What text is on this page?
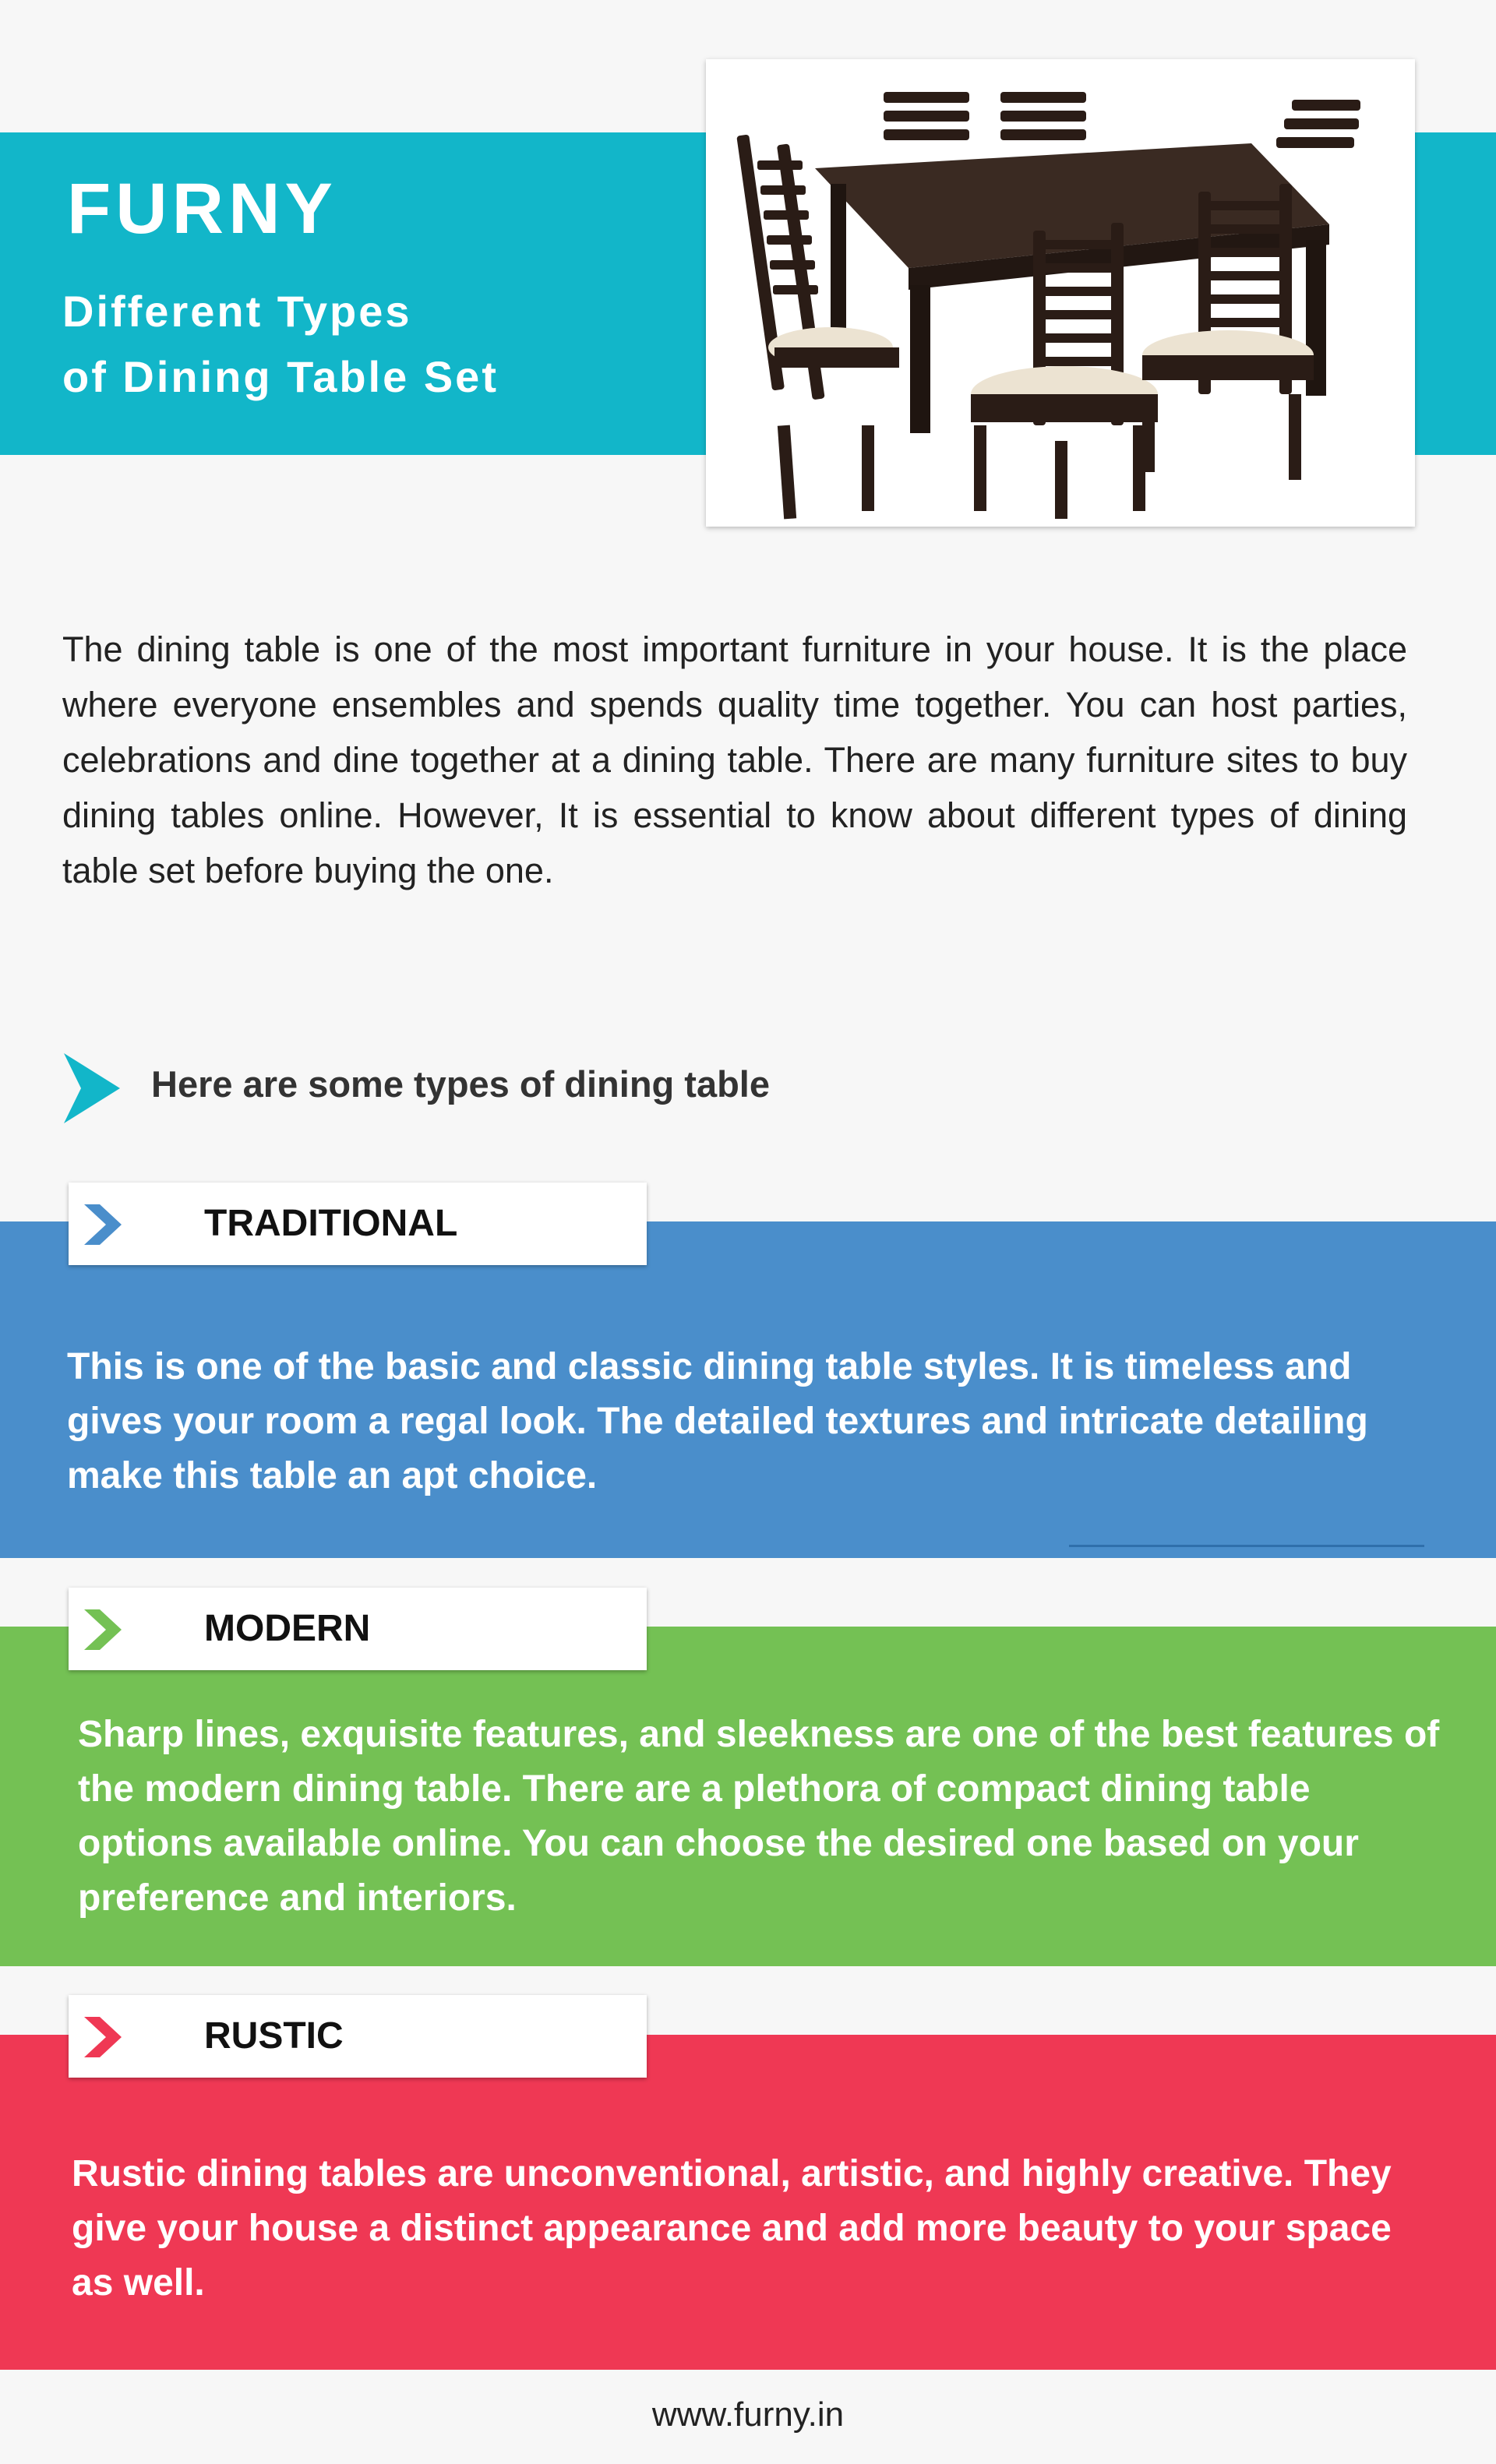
FURNY
Different Types
of Dining Table Set
The dining table is one of the most important furniture in your house. It is the place where everyone ensembles and spends quality time together. You can host parties, celebrations and dine together at a dining table. There are many furniture sites to buy dining tables online. However, It is essential to know about different types of dining table set before buying the one.
Here are some types of dining table
TRADITIONAL
MODERN
RUSTIC
This is one of the basic and classic dining table styles. It is timeless and gives your room a regal look. The detailed textures and intricate detailing make this table an apt choice.
Sharp lines, exquisite features, and sleekness are one of the best features of the modern dining table. There are a plethora of compact dining table options available online. You can choose the desired one based on your preference and interiors.
Rustic dining tables are unconventional, artistic, and highly creative. They give your house a distinct appearance and add more beauty to your space as well.
www.furny.in
